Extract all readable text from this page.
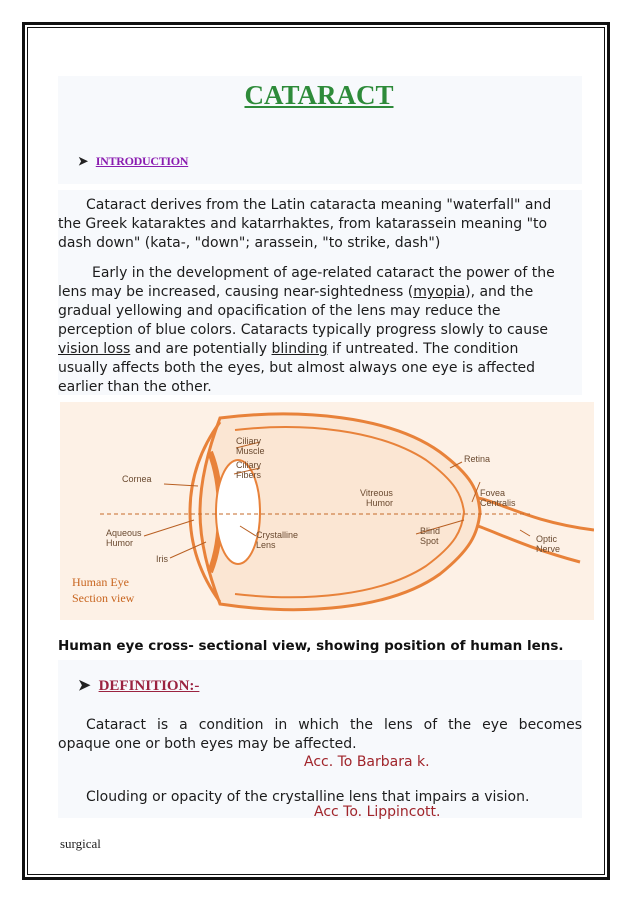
CATARACT
➤ INTRODUCTION

Cataract derives from the Latin cataracta meaning "waterfall" and

the Greek kataraktes and katarrhaktes, from katarassein meaning "to

dash down" (kata-, "down"; arassein, "to strike, dash")

Early in the development of age-related cataract the power of the

lens may be increased, causing near-sightedness (myopia), and the

gradual yellowing and opacification of the lens may reduce the

perception of blue colors. Cataracts typically progress slowly to cause

vision loss and are potentially blinding if untreated. The condition

usually affects both the eyes, but almost always one eye is affected

earlier than the other.

Ciliary
Muscle
Ciliary
Fibers
Retina
Cornea
Vitreous
Humor
Fovea
Centralis
Aqueous
Humor
Crystalline
Lens
Blind
Spot	Optic
Nerve
Iris
Human Eye
Section view
Human eye cross- sectional view, showing position of human lens.
➤ DEFINITION:-

Cataract is a condition in which the lens of the eye becomes

opaque one or both eyes may be affected.

Acc. To Barbara k.

Clouding or opacity of the crystalline lens that impairs a vision.

Acc To. Lippincott.
surgical
